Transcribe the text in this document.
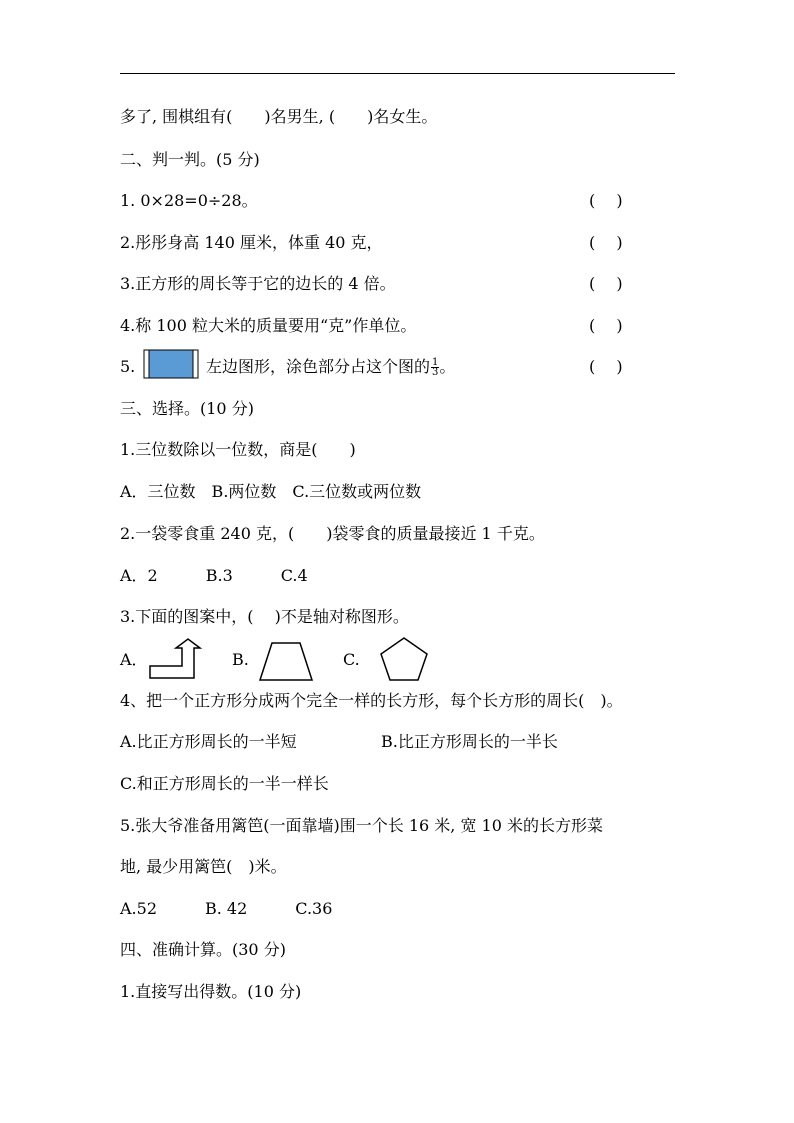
多了, 围棋组有(　　)名男生, (　　)名女生。
二、判一判。(5 分)
1. 0×28=0÷28。	(　 )
2.彤彤身高 140 厘米，体重 40 克，	(　 )
3.正方形的周长等于它的边长的 4 倍。	(　 )
4.称 100 粒大米的质量要用“克”作单位。	(　 )
5.	左边图形，涂色部分占这个图的 $\frac{1}{3}$ 。	(　 )
三、选择。(10 分)
1.三位数除以一位数，商是(　　)
A．三位数　B.两位数　C.三位数或两位数
2.一袋零食重 240 克，(　　)袋零食的质量最接近 1 千克。
A．2　　　B.3　　　C.4
3.下面的图案中，(　 )不是轴对称图形。
A．	B.	C.
4、把一个正方形分成两个完全一样的长方形，每个长方形的周长(　)。
A.比正方形周长的一半短	B.比正方形周长的一半长
C.和正方形周长的一半一样长
5.张大爷准备用篱笆(一面靠墙)围一个长 16 米, 宽 10 米的长方形菜
地, 最少用篱笆(　)米。
A.52　　　B. 42　　　C.36
四、准确计算。(30 分)
1.直接写出得数。(10 分)
